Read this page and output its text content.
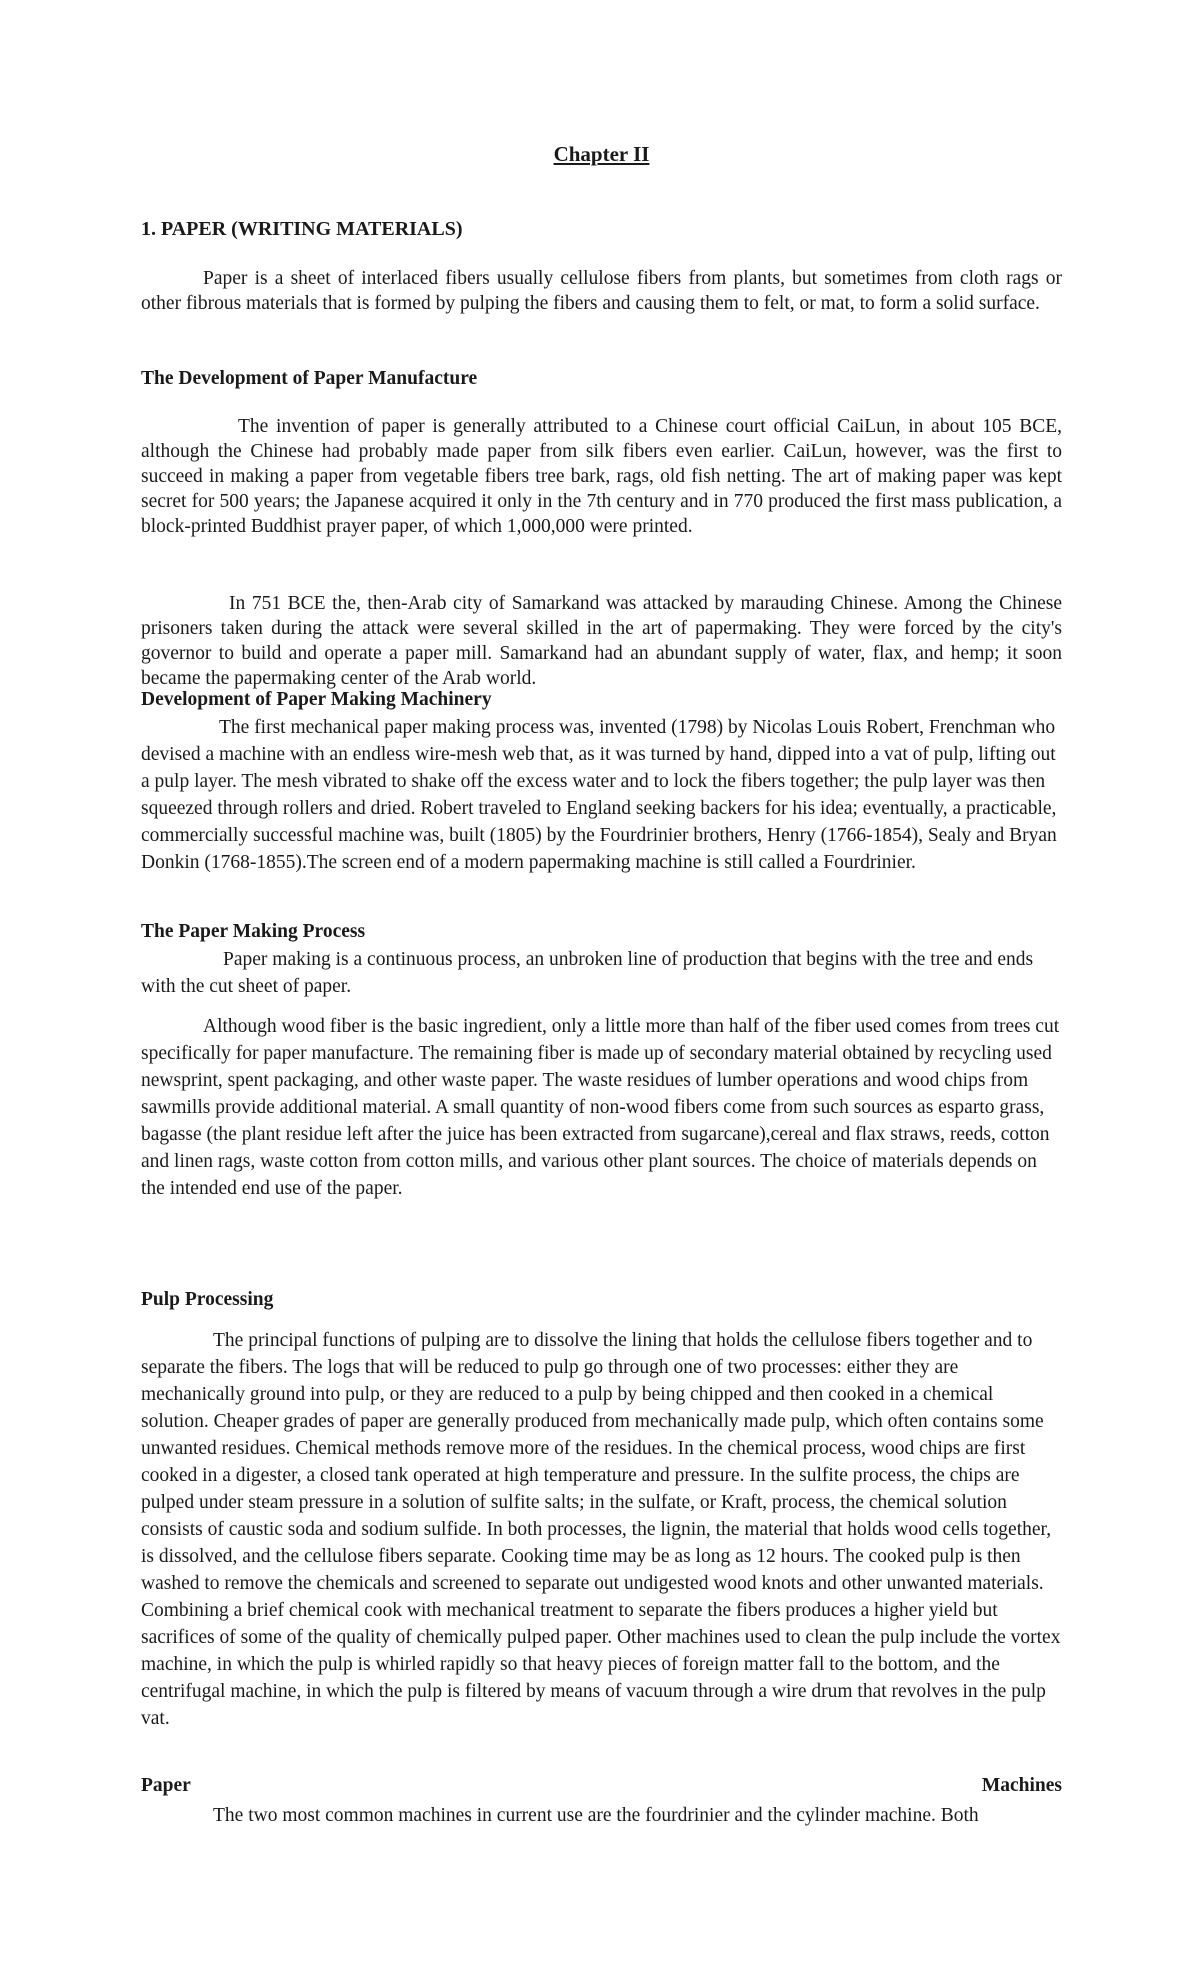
Chapter II
1. PAPER (WRITING MATERIALS)

Paper is a sheet of interlaced fibers usually cellulose fibers from plants, but sometimes from cloth rags or other fibrous materials that is formed by pulping the fibers and causing them to felt, or mat, to form a solid surface.

The Development of Paper Manufacture

The invention of paper is generally attributed to a Chinese court official CaiLun, in about 105 BCE, although the Chinese had probably made paper from silk fibers even earlier. CaiLun, however, was the first to succeed in making a paper from vegetable fibers tree bark, rags, old fish netting. The art of making paper was kept secret for 500 years; the Japanese acquired it only in the 7th century and in 770 produced the first mass publication, a block-printed Buddhist prayer paper, of which 1,000,000 were printed.

In 751 BCE the, then-Arab city of Samarkand was attacked by marauding Chinese. Among the Chinese prisoners taken during the attack were several skilled in the art of papermaking. They were forced by the city's governor to build and operate a paper mill. Samarkand had an abundant supply of water, flax, and hemp; it soon became the papermaking center of the Arab world.

Development of Paper Making Machinery

The first mechanical paper making process was, invented (1798) by Nicolas Louis Robert, Frenchman who devised a machine with an endless wire-mesh web that, as it was turned by hand, dipped into a vat of pulp, lifting out a pulp layer. The mesh vibrated to shake off the excess water and to lock the fibers together; the pulp layer was then squeezed through rollers and dried. Robert traveled to England seeking backers for his idea; eventually, a practicable, commercially successful machine was, built (1805) by the Fourdrinier brothers, Henry (1766-1854), Sealy and Bryan Donkin (1768-1855).The screen end of a modern papermaking machine is still called a Fourdrinier.

The Paper Making Process

Paper making is a continuous process, an unbroken line of production that begins with the tree and ends with the cut sheet of paper.

Although wood fiber is the basic ingredient, only a little more than half of the fiber used comes from trees cut specifically for paper manufacture. The remaining fiber is made up of secondary material obtained by recycling used newsprint, spent packaging, and other waste paper. The waste residues of lumber operations and wood chips from sawmills provide additional material. A small quantity of non-wood fibers come from such sources as esparto grass, bagasse (the plant residue left after the juice has been extracted from sugarcane),cereal and flax straws, reeds, cotton and linen rags, waste cotton from cotton mills, and various other plant sources. The choice of materials depends on the intended end use of the paper.

Pulp Processing

The principal functions of pulping are to dissolve the lining that holds the cellulose fibers together and to separate the fibers. The logs that will be reduced to pulp go through one of two processes: either they are mechanically ground into pulp, or they are reduced to a pulp by being chipped and then cooked in a chemical solution. Cheaper grades of paper are generally produced from mechanically made pulp, which often contains some unwanted residues. Chemical methods remove more of the residues. In the chemical process, wood chips are first cooked in a digester, a closed tank operated at high temperature and pressure. In the sulfite process, the chips are pulped under steam pressure in a solution of sulfite salts; in the sulfate, or Kraft, process, the chemical solution consists of caustic soda and sodium sulfide. In both processes, the lignin, the material that holds wood cells together, is dissolved, and the cellulose fibers separate. Cooking time may be as long as 12 hours. The cooked pulp is then washed to remove the chemicals and screened to separate out undigested wood knots and other unwanted materials. Combining a brief chemical cook with mechanical treatment to separate the fibers produces a higher yield but sacrifices of some of the quality of chemically pulped paper. Other machines used to clean the pulp include the vortex machine, in which the pulp is whirled rapidly so that heavy pieces of foreign matter fall to the bottom, and the centrifugal machine, in which the pulp is filtered by means of vacuum through a wire drum that revolves in the pulp vat.

Paper	Machines

The two most common machines in current use are the fourdrinier and the cylinder machine. Both
